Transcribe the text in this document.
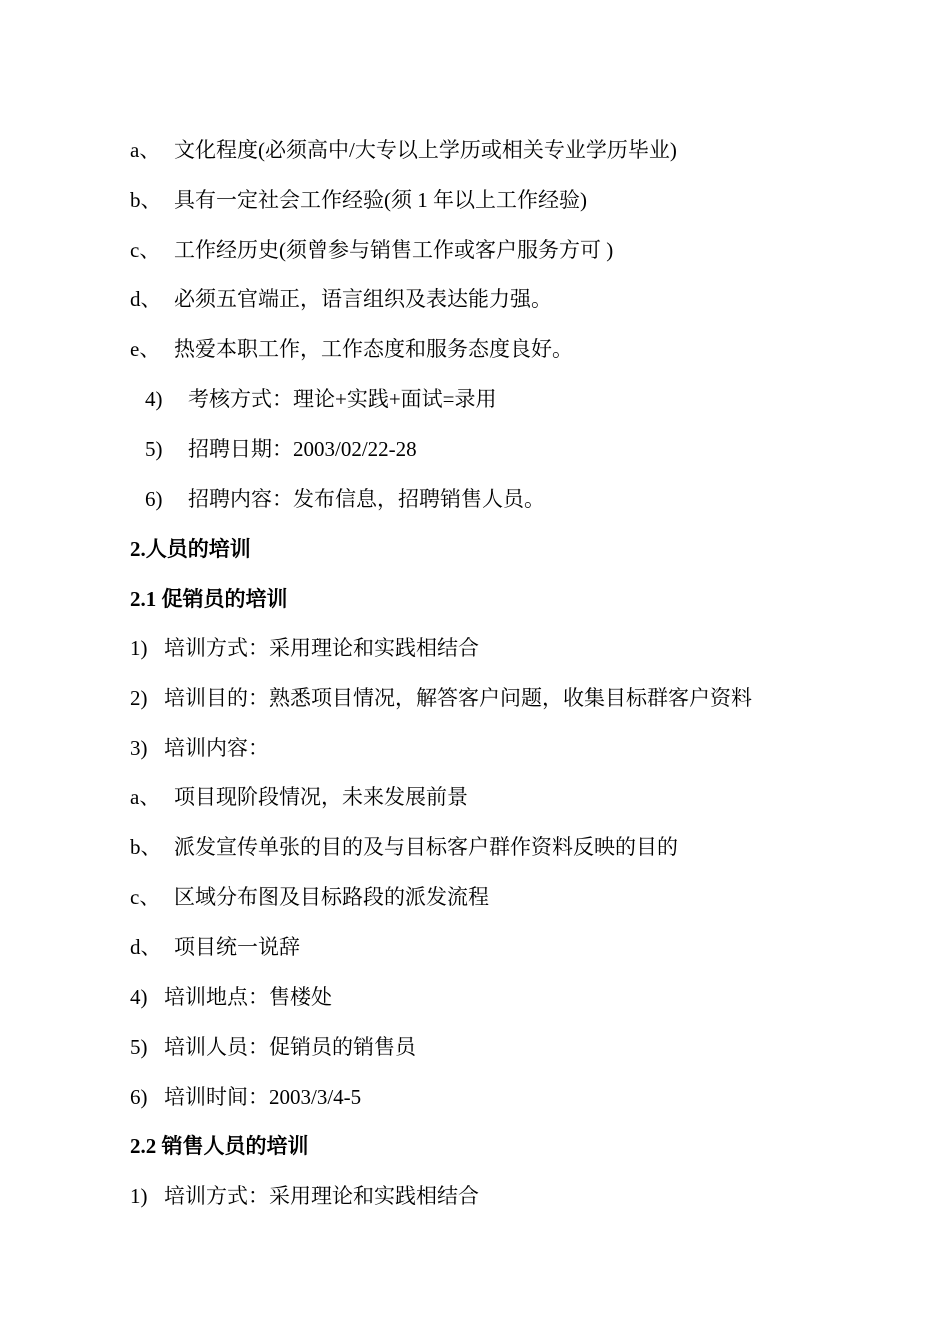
a、 文化程度(必须高中/大专以上学历或相关专业学历毕业)
b、 具有一定社会工作经验(须 1 年以上工作经验)
c、 工作经历史(须曾参与销售工作或客户服务方可 )
d、 必须五官端正，语言组织及表达能力强。
e、 热爱本职工作，工作态度和服务态度良好。
4) 考核方式：理论+实践+面试=录用
5) 招聘日期：2003/02/22-28
6) 招聘内容：发布信息，招聘销售人员。
2.人员的培训
2.1 促销员的培训
1) 培训方式：采用理论和实践相结合
2) 培训目的：熟悉项目情况，解答客户问题，收集目标群客户资料
3) 培训内容：
a、 项目现阶段情况，未来发展前景
b、 派发宣传单张的目的及与目标客户群作资料反映的目的
c、 区域分布图及目标路段的派发流程
d、 项目统一说辞
4) 培训地点：售楼处
5) 培训人员：促销员的销售员
6) 培训时间：2003/3/4-5
2.2 销售人员的培训
1) 培训方式：采用理论和实践相结合
